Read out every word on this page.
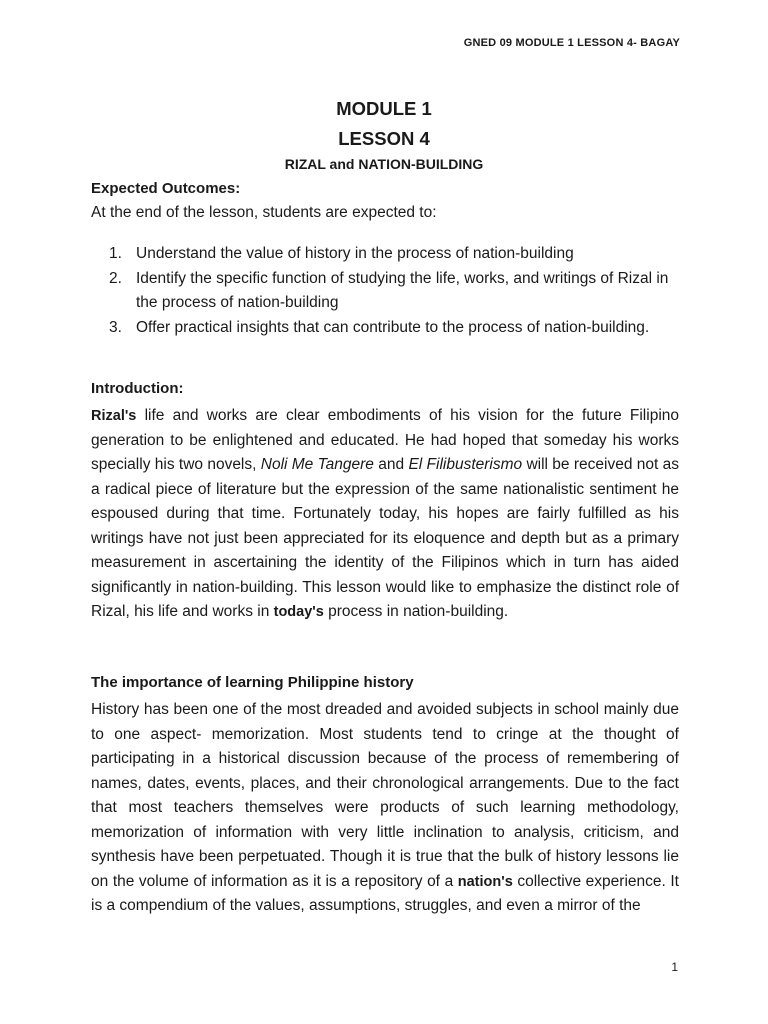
GNED 09 MODULE 1 LESSON 4- BAGAY
MODULE 1
LESSON 4
RIZAL and NATION-BUILDING
Expected Outcomes:
At the end of the lesson, students are expected to:
1. Understand the value of history in the process of nation-building
2. Identify the specific function of studying the life, works, and writings of Rizal in the process of nation-building
3. Offer practical insights that can contribute to the process of nation-building.
Introduction:
Rizal's life and works are clear embodiments of his vision for the future Filipino generation to be enlightened and educated. He had hoped that someday his works specially his two novels, Noli Me Tangere and El Filibusterismo will be received not as a radical piece of literature but the expression of the same nationalistic sentiment he espoused during that time. Fortunately today, his hopes are fairly fulfilled as his writings have not just been appreciated for its eloquence and depth but as a primary measurement in ascertaining the identity of the Filipinos which in turn has aided significantly in nation-building. This lesson would like to emphasize the distinct role of Rizal, his life and works in today's process in nation-building.
The importance of learning Philippine history
History has been one of the most dreaded and avoided subjects in school mainly due to one aspect- memorization. Most students tend to cringe at the thought of participating in a historical discussion because of the process of remembering of names, dates, events, places, and their chronological arrangements. Due to the fact that most teachers themselves were products of such learning methodology, memorization of information with very little inclination to analysis, criticism, and synthesis have been perpetuated. Though it is true that the bulk of history lessons lie on the volume of information as it is a repository of a nation's collective experience. It is a compendium of the values, assumptions, struggles, and even a mirror of the
1
